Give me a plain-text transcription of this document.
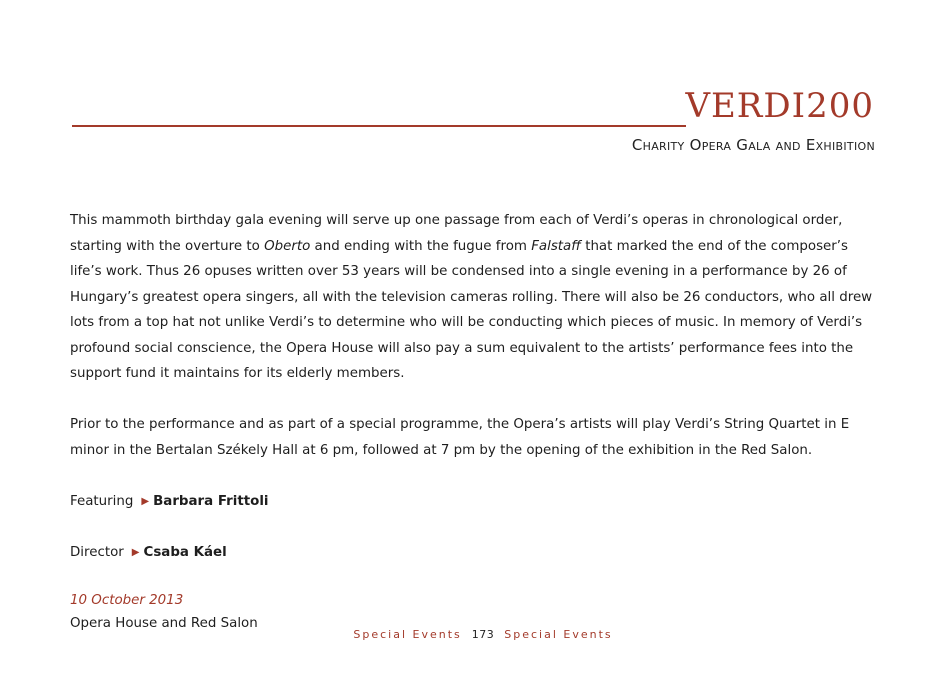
VERDI200
Charity Opera Gala and Exhibition

This mammoth birthday gala evening will serve up one passage from each of Verdi’s operas in chronological order, starting with the overture to Oberto and ending with the fugue from Falstaff that marked the end of the composer’s life’s work. Thus 26 opuses written over 53 years will be condensed into a single evening in a performance by 26 of Hungary’s greatest opera singers, all with the television cameras rolling. There will also be 26 conductors, who all drew lots from a top hat not unlike Verdi’s to determine who will be conducting which pieces of music. In memory of Verdi’s profound social conscience, the Opera House will also pay a sum equivalent to the artists’ performance fees into the support fund it maintains for its elderly members.

Prior to the performance and as part of a special programme, the Opera’s artists will play Verdi’s String Quartet in E minor in the Bertalan Székely Hall at 6 pm, followed at 7 pm by the opening of the exhibition in the Red Salon.

Featuring ▶ Barbara Frittoli
Director ▶ Csaba Káel
10 October 2013
Opera House and Red Salon
Special Events 173 Special Events
